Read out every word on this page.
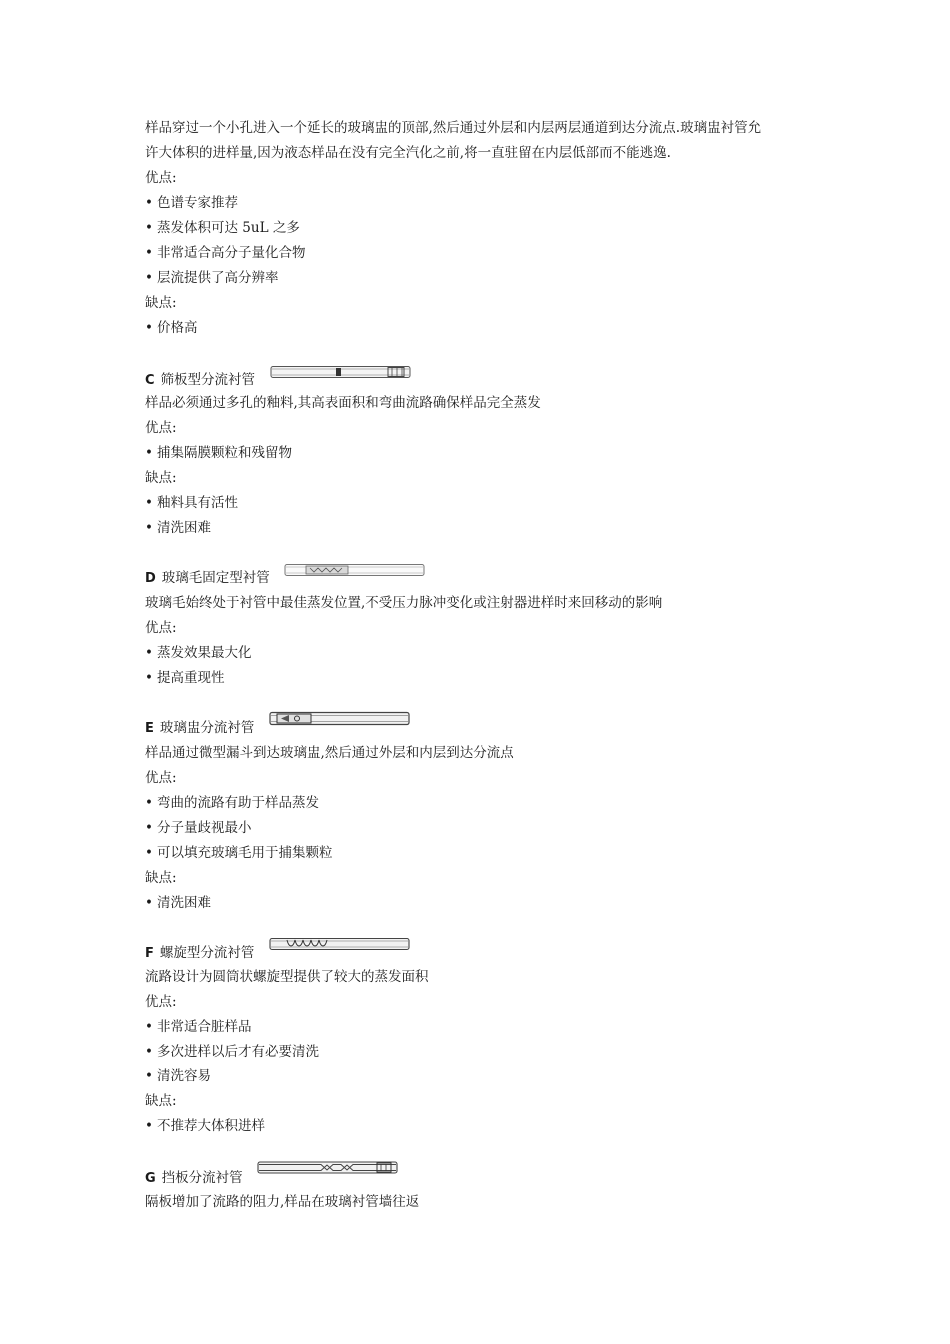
样品穿过一个小孔进入一个延长的玻璃盅的顶部,然后通过外层和内层两层通道到达分流点.玻璃盅衬管允
许大体积的进样量,因为液态样品在没有完全汽化之前,将一直驻留在内层低部而不能逃逸.
优点:
• 色谱专家推荐
• 蒸发体积可达 5uL 之多
• 非常适合高分子量化合物
• 层流提供了高分辨率
缺点:
• 价格高
C 筛板型分流衬管
样品必须通过多孔的釉料,其高表面积和弯曲流路确保样品完全蒸发
优点:
• 捕集隔膜颗粒和残留物
缺点:
• 釉料具有活性
• 清洗困难
D 玻璃毛固定型衬管
玻璃毛始终处于衬管中最佳蒸发位置,不受压力脉冲变化或注射器进样时来回移动的影响
优点:
• 蒸发效果最大化
• 提高重现性
E 玻璃盅分流衬管
样品通过微型漏斗到达玻璃盅,然后通过外层和内层到达分流点
优点:
• 弯曲的流路有助于样品蒸发
• 分子量歧视最小
• 可以填充玻璃毛用于捕集颗粒
缺点:
• 清洗困难
F 螺旋型分流衬管
流路设计为圆筒状螺旋型提供了较大的蒸发面积
优点:
• 非常适合脏样品
• 多次进样以后才有必要清洗
• 清洗容易
缺点:
• 不推荐大体积进样
G 挡板分流衬管
隔板增加了流路的阻力,样品在玻璃衬管墙往返
